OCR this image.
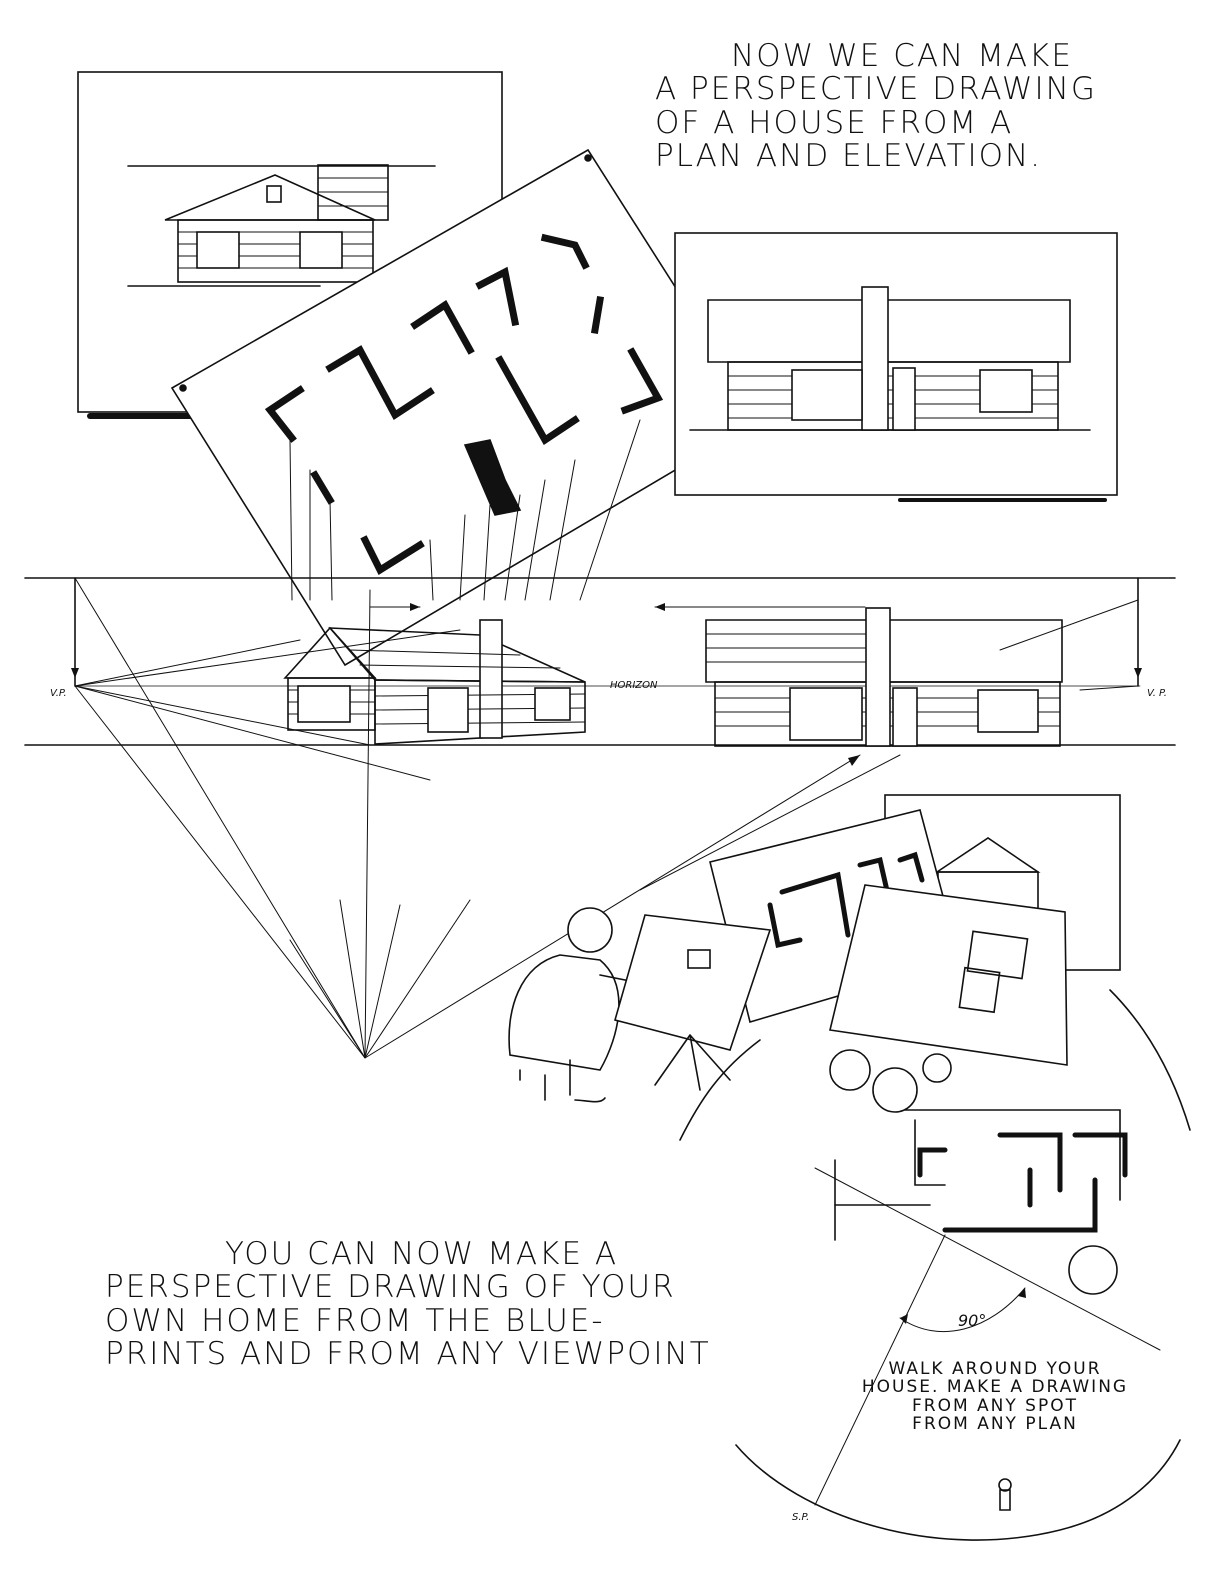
V.P.	V. P.
HORIZON
90°
S.P.
NOW WE CAN MAKE
A PERSPECTIVE DRAWING
OF A HOUSE FROM A
PLAN AND ELEVATION.
YOU CAN NOW MAKE A
PERSPECTIVE DRAWING OF YOUR
OWN HOME FROM THE BLUE-
PRINTS AND FROM ANY VIEWPOINT	WALK AROUND YOUR
HOUSE. MAKE A DRAWING
FROM ANY SPOT
FROM ANY PLAN
